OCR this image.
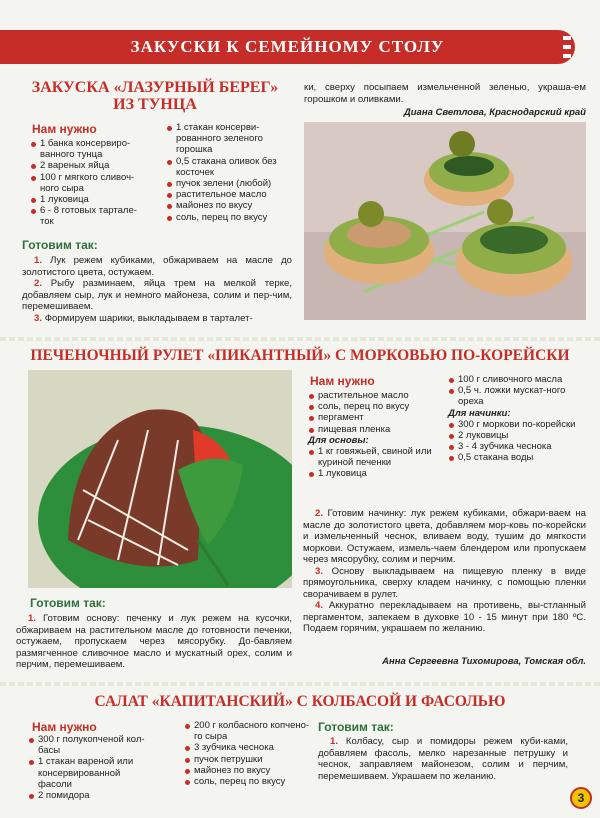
ЗАКУСКИ К СЕМЕЙНОМУ СТОЛУ
ЗАКУСКА «ЛАЗУРНЫЙ БЕРЕГ» ИЗ ТУНЦА
Нам нужно
1 банка консервиро-ванного тунца
2 вареных яйца
100 г мягкого сливоч-ного сыра
1 луковица
6 - 8 готовых тартале-ток
1 стакан консерви-рованного зеленого горошка
0,5 стакана оливок без косточек
пучок зелени (любой)
растительное масло
майонез по вкусу
соль, перец по вкусу
Готовим так:

1. Лук режем кубиками, обжариваем на масле до золотистого цвета, остужаем.

2. Рыбу разминаем, яйца трем на мелкой терке, добавляем сыр, лук и немного майонеза, солим и пер-чим, перемешиваем.

3. Формируем шарики, выкладываем в тарталет-

ки, сверху посыпаем измельченной зеленью, украша-ем горошком и оливками.

Диана Светлова, Краснодарский край
ПЕЧЕНОЧНЫЙ РУЛЕТ «ПИКАНТНЫЙ» С МОРКОВЬЮ ПО-КОРЕЙСКИ
Нам нужно
растительное масло
соль, перец по вкусу
пергамент
пищевая пленка
Для основы:
1 кг говяжьей, свиной или куриной печенки
1 луковица
100 г сливочного масла
0,5 ч. ложки мускат-ного ореха
Для начинки:
300 г моркови по-корейски
2 луковицы
3 - 4 зубчика чеснока
0,5 стакана воды

2. Готовим начинку: лук режем кубиками, обжари-ваем на масле до золотистого цвета, добавляем мор-ковь по-корейски и измельченный чеснок, вливаем воду, тушим до мягкости моркови. Остужаем, измель-чаем блендером или пропускаем через мясорубку, солим и перчим.

3. Основу выкладываем на пищевую пленку в виде прямоугольника, сверху кладем начинку, с помощью пленки сворачиваем в рулет.

4. Аккуратно перекладываем на противень, вы-стланный пергаментом, запекаем в духовке 10 - 15 минут при 180 ºС. Подаем горячим, украшаем по желанию.

Готовим так:

1. Готовим основу: печенку и лук режем на кусочки, обжариваем на растительном масле до готовности печенки, остужаем, пропускаем через мясорубку. До-бавляем размягченное сливочное масло и мускатный орех, солим и перчим, перемешиваем.	Анна Сергеевна Тихомирова, Томская обл.
САЛАТ «КАПИТАНСКИЙ» С КОЛБАСОЙ И ФАСОЛЬЮ
Нам нужно
300 г полукопченой кол-басы
1 стакан вареной или консервированной фасоли
2 помидора
200 г колбасного копчено-го сыра
3 зубчика чеснока
пучок петрушки
майонез по вкусу
соль, перец по вкусу
Готовим так:

1. Колбасу, сыр и помидоры режем куби-ками, добавляем фасоль, мелко нарезанные петрушку и чеснок, заправляем майонезом, солим и перчим, перемешиваем. Украшаем по желанию.

3
